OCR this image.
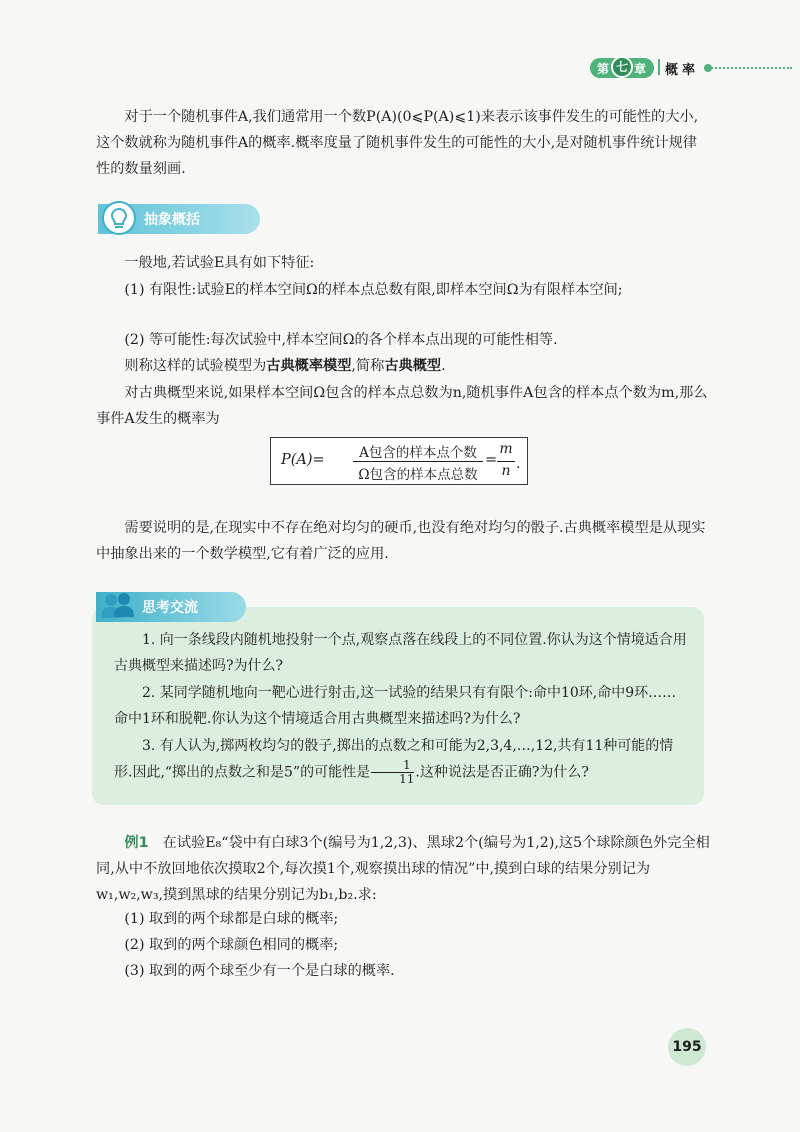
第 七 章 概率
对于一个随机事件A,我们通常用一个数P(A)(0⩽P(A)⩽1)来表示该事件发生的可能性的大小,这个数就称为随机事件A的概率.概率度量了随机事件发生的可能性的大小,是对随机事件统计规律性的数量刻画.
抽象概括
一般地,若试验E具有如下特征:
(1) 有限性:试验E的样本空间Ω的样本点总数有限,即样本空间Ω为有限样本空间;
(2) 等可能性:每次试验中,样本空间Ω的各个样本点出现的可能性相等.
则称这样的试验模型为古典概率模型,简称古典概型.
对古典概型来说,如果样本空间Ω包含的样本点总数为n,随机事件A包含的样本点个数为m,那么事件A发生的概率为
P(A)=	A包含的样本点个数
Ω包含的样本点总数
=
m
n .
需要说明的是,在现实中不存在绝对均匀的硬币,也没有绝对均匀的骰子.古典概率模型是从现实中抽象出来的一个数学模型,它有着广泛的应用.
思考交流
1. 向一条线段内随机地投射一个点,观察点落在线段上的不同位置.你认为这个情境适合用古典概型来描述吗?为什么?
2. 某同学随机地向一靶心进行射击,这一试验的结果只有有限个:命中10环,命中9环……命中1环和脱靶.你认为这个情境适合用古典概型来描述吗?为什么?
3. 有人认为,掷两枚均匀的骰子,掷出的点数之和可能为2,3,4,…,12,共有11种可能的情形.因此,“掷出的点数之和是5”的可能性是 $\frac{1}{11}$ .这种说法是否正确?为什么?
例1  在试验E₈“袋中有白球3个(编号为1,2,3)、黑球2个(编号为1,2),这5个球除颜色外完全相同,从中不放回地依次摸取2个,每次摸1个,观察摸出球的情况”中,摸到白球的结果分别记为w₁,w₂,w₃,摸到黑球的结果分别记为b₁,b₂.求:
(1) 取到的两个球都是白球的概率;
(2) 取到的两个球颜色相同的概率;
(3) 取到的两个球至少有一个是白球的概率.
195
